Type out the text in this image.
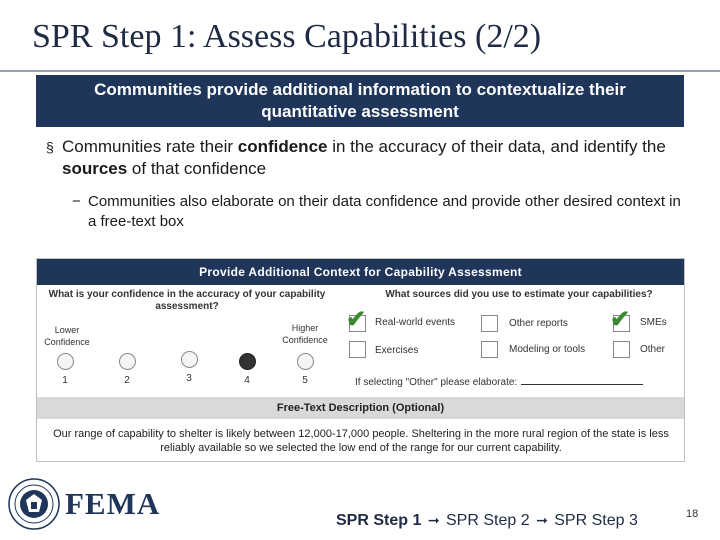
SPR Step 1: Assess Capabilities (2/2)
Communities provide additional information to contextualize their
quantitative assessment
§ Communities rate their confidence in the accuracy of their data, and identify the sources of that confidence
− Communities also elaborate on their data confidence and provide other desired context in a free-text box
Provide Additional Context for Capability Assessment
What is your confidence in the accuracy of your capability assessment?
What sources did you use to estimate your capabilities?
Lower Confidence
Higher Confidence
1	2	3	4	5
✔ Real-world events	Other reports ✔ SMEs
Exercises	Modeling or tools	Other
If selecting "Other" please elaborate:
Free-Text Description (Optional)
Our range of capability to shelter is likely between 12,000-17,000 people. Sheltering in the more rural region of the state is less reliably available so we selected the low end of the range for our current capability.
FEMA	SPR Step 1 ➞ SPR Step 2 ➞ SPR Step 3	18
